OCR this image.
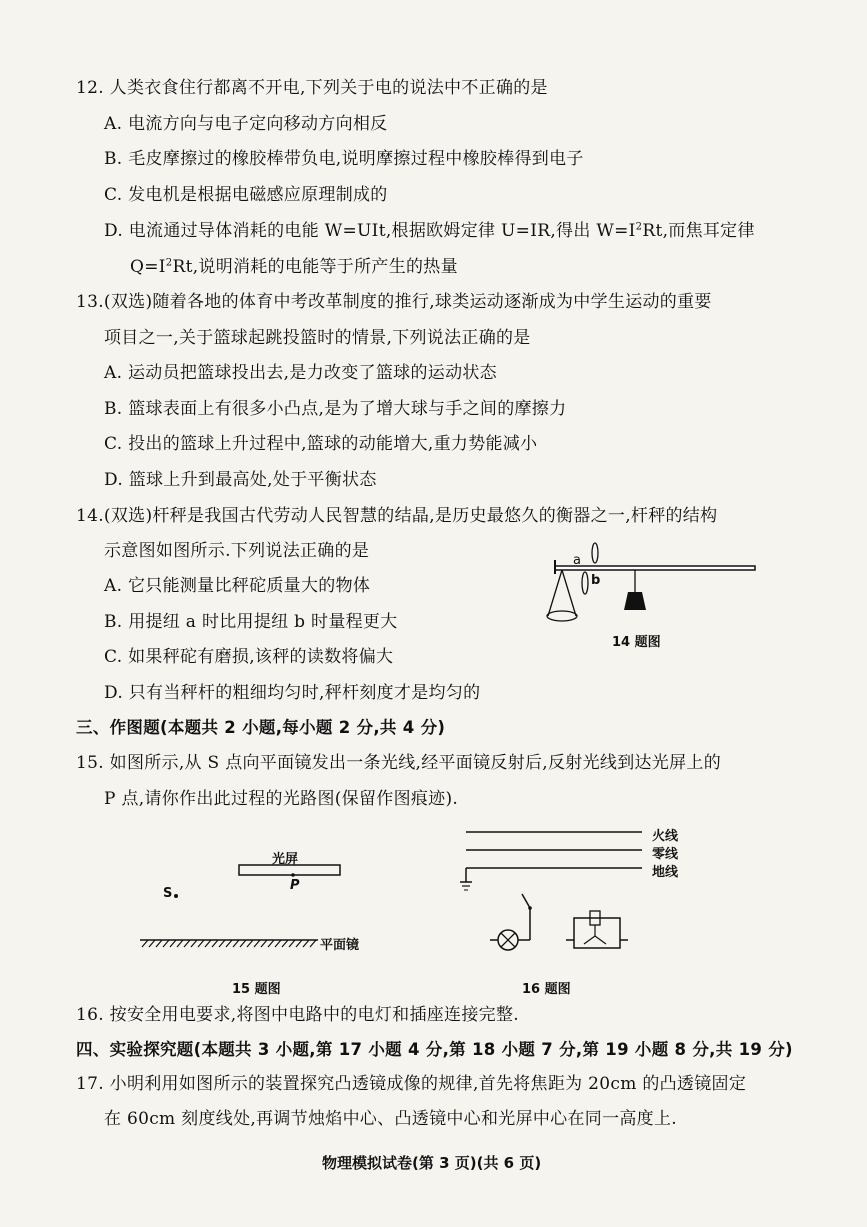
12. 人类衣食住行都离不开电,下列关于电的说法中不正确的是
A. 电流方向与电子定向移动方向相反
B. 毛皮摩擦过的橡胶棒带负电,说明摩擦过程中橡胶棒得到电子
C. 发电机是根据电磁感应原理制成的
D. 电流通过导体消耗的电能 W=UIt,根据欧姆定律 U=IR,得出 $W=I^2Rt$,而焦耳定律
$Q=I^2Rt$,说明消耗的电能等于所产生的热量
13.(双选)随着各地的体育中考改革制度的推行,球类运动逐渐成为中学生运动的重要
项目之一,关于篮球起跳投篮时的情景,下列说法正确的是
A. 运动员把篮球投出去,是力改变了篮球的运动状态
B. 篮球表面上有很多小凸点,是为了增大球与手之间的摩擦力
C. 投出的篮球上升过程中,篮球的动能增大,重力势能减小
D. 篮球上升到最高处,处于平衡状态
14.(双选)杆秤是我国古代劳动人民智慧的结晶,是历史最悠久的衡器之一,杆秤的结构
示意图如图所示.下列说法正确的是
A. 它只能测量比秤砣质量大的物体
B. 用提纽 a 时比用提纽 b 时量程更大
C. 如果秤砣有磨损,该秤的读数将偏大
D. 只有当秤杆的粗细均匀时,秤杆刻度才是均匀的
a
b
14 题图
三、作图题(本题共 2 小题,每小题 2 分,共 4 分)
15. 如图所示,从 S 点向平面镜发出一条光线,经平面镜反射后,反射光线到达光屏上的
P 点,请你作出此过程的光路图(保留作图痕迹).
光屏
P
S
平面镜
15 题图
火线
零线
地线
16 题图
16. 按安全用电要求,将图中电路中的电灯和插座连接完整.
四、实验探究题(本题共 3 小题,第 17 小题 4 分,第 18 小题 7 分,第 19 小题 8 分,共 19 分)
17. 小明利用如图所示的装置探究凸透镜成像的规律,首先将焦距为 20cm 的凸透镜固定
在 60cm 刻度线处,再调节烛焰中心、凸透镜中心和光屏中心在同一高度上.
物理模拟试卷(第 3 页)(共 6 页)
